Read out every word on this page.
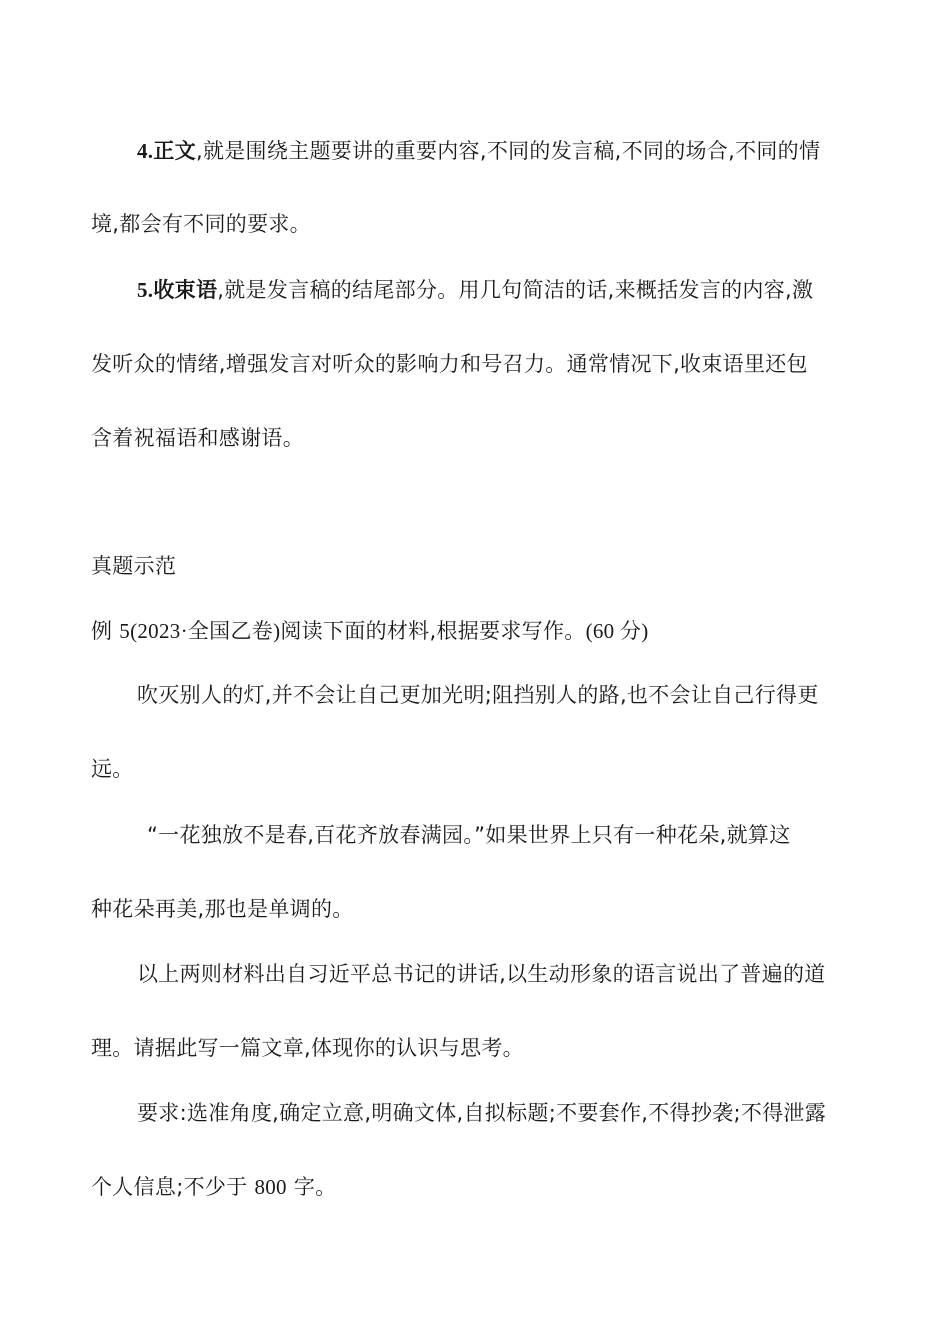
4.正文,就是围绕主题要讲的重要内容,不同的发言稿,不同的场合,不同的情
境,都会有不同的要求。
5.收束语,就是发言稿的结尾部分。用几句简洁的话,来概括发言的内容,激
发听众的情绪,增强发言对听众的影响力和号召力。通常情况下,收束语里还包
含着祝福语和感谢语。
真题示范
例 5(2023·全国乙卷)阅读下面的材料,根据要求写作。(60 分)
吹灭别人的灯,并不会让自己更加光明;阻挡别人的路,也不会让自己行得更
远。
“一花独放不是春,百花齐放春满园。”如果世界上只有一种花朵,就算这
种花朵再美,那也是单调的。
以上两则材料出自习近平总书记的讲话,以生动形象的语言说出了普遍的道
理。请据此写一篇文章,体现你的认识与思考。
要求:选准角度,确定立意,明确文体,自拟标题;不要套作,不得抄袭;不得泄露
个人信息;不少于 800 字。
